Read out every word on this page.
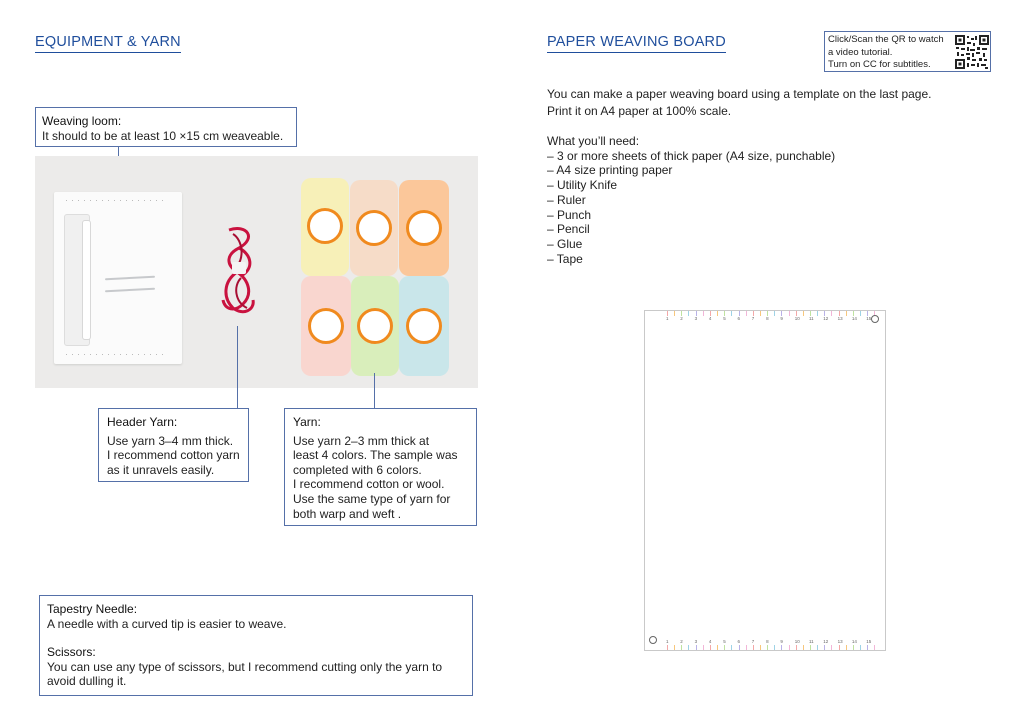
EQUIPMENT & YARN
Weaving loom:
It should to be at least 10 ×15 cm weaveable.
Header Yarn:
Use yarn 3–4 mm thick.
I recommend cotton yarn
as it unravels easily.
Yarn:
Use yarn 2–3 mm thick at
least 4 colors. The sample was
completed with 6 colors.
I recommend cotton or wool.
Use the same type of yarn for
both warp and weft .
Tapestry Needle:
A needle with a curved tip is easier to weave.
Scissors:
You can use any type of scissors, but I recommend cutting only the yarn to
avoid dulling it.
PAPER WEAVING BOARD	Click/Scan the QR to watch
a video tutorial.
Turn on CC for subtitles.
You can make a paper weaving board using a template on the last page.
Print it on A4 paper at 100% scale.
What you’ll need:
– 3 or more sheets of thick paper (A4 size, punchable)
– A4 size printing paper
– Utility Knife
– Ruler
– Punch
– Pencil
– Glue
– Tape
1	2	3	4	5	6	7	8	9	10 11 12 13 14 15
1	2	3	4	5	6	7	8	9	10 11 12 13 14 15
